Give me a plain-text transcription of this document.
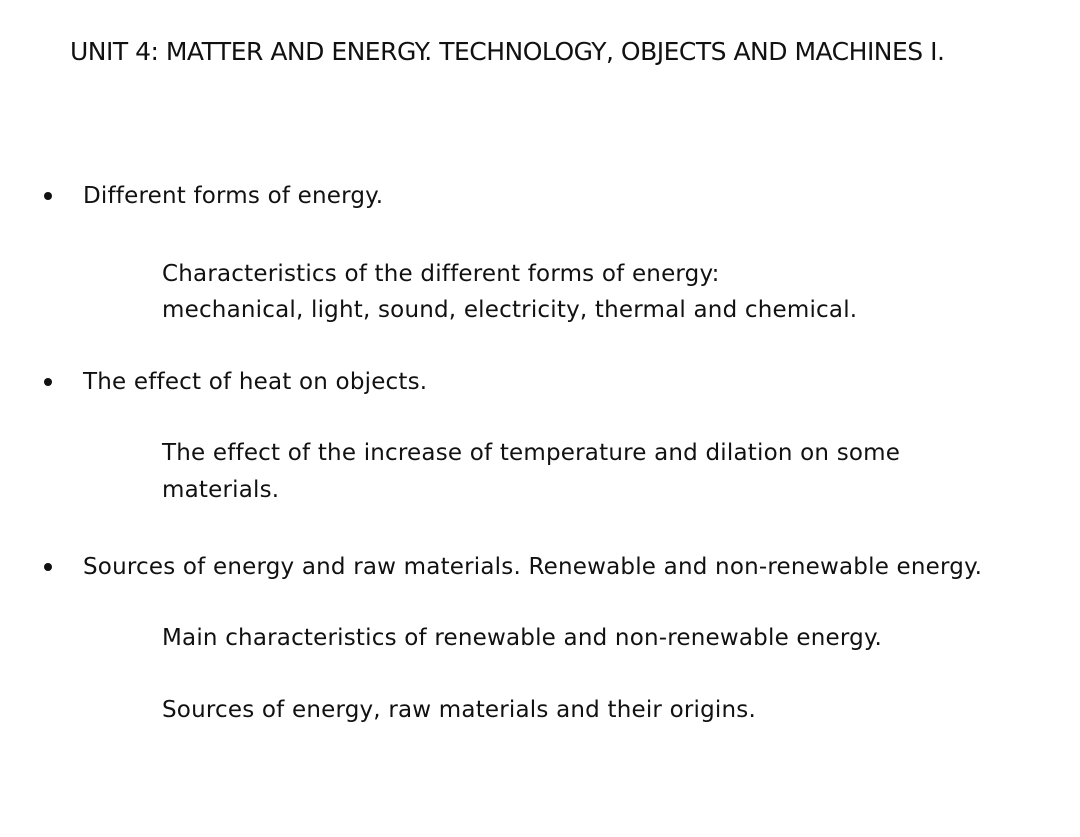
UNIT 4: MATTER AND ENERGY. TECHNOLOGY, OBJECTS AND MACHINES I.
Different forms of energy.
Characteristics of the different forms of energy:
mechanical, light, sound, electricity, thermal and chemical.
The effect of heat on objects.
The effect of the increase of temperature and dilation on some
materials.
Sources of energy and raw materials. Renewable and non-renewable energy.
Main characteristics of renewable and non-renewable energy.
Sources of energy, raw materials and their origins.
